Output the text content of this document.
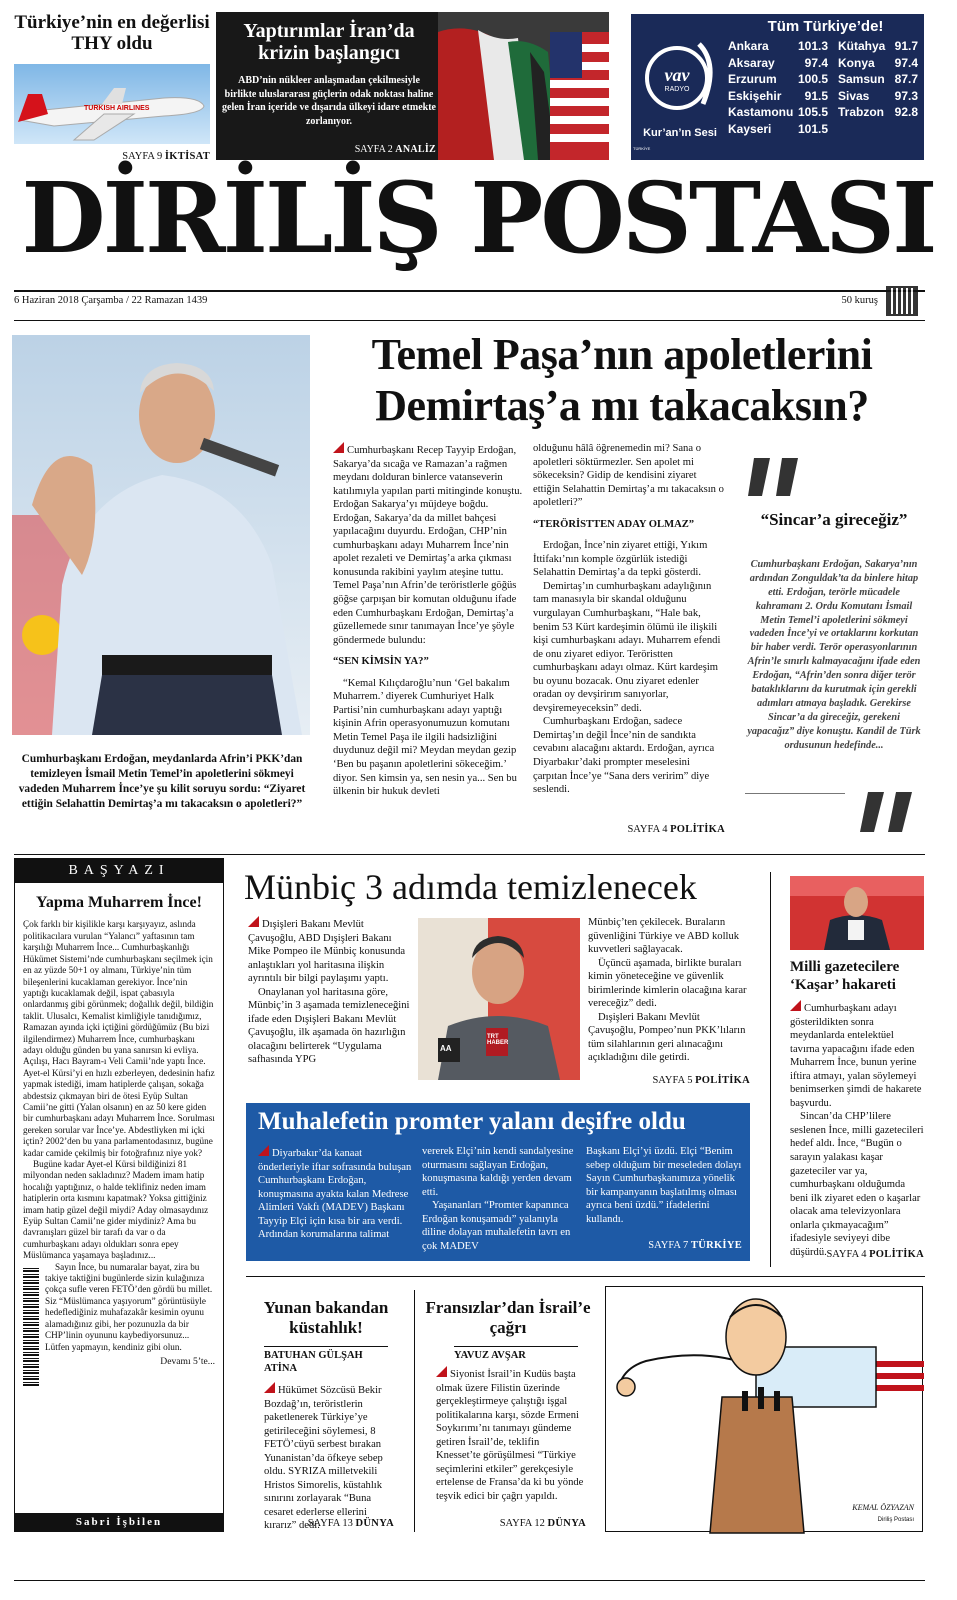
Türkiye’nin en değerlisi THY oldu
TURKISH AIRLINES
SAYFA 9 İKTİSAT
Yaptırımlar İran’da krizin başlangıcı
ABD’nin nükleer anlaşmadan çekilmesiyle birlikte uluslararası güçlerin odak noktası haline gelen İran içeride ve dışarıda ülkeyi idare etmekte zorlanıyor.
SAYFA 2 ANALİZ
Tüm Türkiye’de!
vav
RADYO
Kur’an’ın Sesi
TÜRKİYE
Ankara 101.3
Aksaray 97.4
Erzurum 100.5
Eskişehir 91.5
Kastamonu 105.5
Kayseri 101.5
Kütahya 91.7
Konya 97.4
Samsun 87.7
Sivas 97.3
Trabzon 92.8
DİRİLİŞ POSTASI
6 Haziran 2018 Çarşamba / 22 Ramazan 1439	50 kuruş
Cumhurbaşkanı Erdoğan, meydanlarda Afrin’i PKK’dan temizleyen İsmail Metin Temel’in apoletlerini sökmeyi vadeden Muharrem İnce’ye şu kilit soruyu sordu: “Ziyaret ettiğin Selahattin Demirtaş’a mı takacaksın o apoletleri?”
Temel Paşa’nın apoletlerini Demirtaş’a mı takacaksın?

Cumhurbaşkanı Recep Tayyip Erdoğan, Sakarya’da sıcağa ve Ramazan’a rağmen meydanı dolduran binlerce vatanseverin katılımıyla yapılan parti mitinginde konuştu. Erdoğan Sakarya’yı müjdeye boğdu. Erdoğan, Sakarya’da da millet bahçesi yapılacağını duyurdu. Erdoğan, CHP’nin cumhurbaşkanı adayı Muharrem İnce’nin apolet rezaleti ve Demirtaş’a arka çıkması konusunda rakibini yaylım ateşine tuttu. Temel Paşa’nın Afrin’de teröristlerle göğüs göğse çarpışan bir komutan olduğunu ifade eden Cumhurbaşkanı Erdoğan, Demirtaş’a güzellemede sınır tanımayan İnce’ye şöyle göndermede bulundu:

“SEN KİMSİN YA?”

“Kemal Kılıçdaroğlu’nun ‘Gel bakalım Muharrem.’ diyerek Cumhuriyet Halk Partisi’nin cumhurbaşkanı adayı yaptığı kişinin Afrin operasyonumuzun komutanı Metin Temel Paşa ile ilgili hadsizliğini duydunuz değil mi? Meydan meydan gezip ‘Ben bu paşanın apoletlerini sökeceğim.’ diyor. Sen kimsin ya, sen nesin ya... Sen bu ülkenin bir hukuk devleti

olduğunu hâlâ öğrenemedin mi? Sana o apoletleri söktürmezler. Sen apolet mi sökeceksin? Gidip de kendisini ziyaret ettiğin Selahattin Demirtaş’a mı takacaksın o apoletleri?”

“TERÖRİSTTEN ADAY OLMAZ”

Erdoğan, İnce’nin ziyaret ettiği, Yıkım İttifakı’nın komple özgürlük istediği Selahattin Demirtaş’a da tepki gösterdi.

Demirtaş’ın cumhurbaşkanı adaylığının tam manasıyla bir skandal olduğunu vurgulayan Cumhurbaşkanı, “Hale bak, benim 53 Kürt kardeşimin ölümü ile ilişkili kişi cumhurbaşkanı adayı. Muharrem efendi de onu ziyaret ediyor. Teröristten cumhurbaşkanı adayı olmaz. Kürt kardeşim bu oyunu bozacak. Onu ziyaret edenler oradan oy devşirirım sanıyorlar, devşiremeyeceksin” dedi.

Cumhurbaşkanı Erdoğan, sadece Demirtaş’ın değil İnce’nin de sandıkta cevabını alacağını aktardı. Erdoğan, ayrıca Diyarbakır’daki prompter meselesini çarpıtan İnce’ye “Sana ders veririm” diye seslendi.

SAYFA 4 POLİTİKA
“Sincar’a gireceğiz”
Cumhurbaşkanı Erdoğan, Sakarya’nın ardından Zonguldak’ta da binlere hitap etti. Erdoğan, terörle mücadele kahramanı 2. Ordu Komutanı İsmail Metin Temel’i apoletlerini sökmeyi vadeden İnce’yi ve ortaklarını korkutan bir haber verdi. Terör operasyonlarının Afrin’le sınırlı kalmayacağını ifade eden Erdoğan, “Afrin’den sonra diğer terör bataklıklarını da kurutmak için gerekli adımları atmaya başladık. Gerekirse Sincar’a da gireceğiz, gerekeni yapacağız” diye konuştu. Kandil de Türk ordusunun hedefinde...
BAŞYAZI
Yapma Muharrem İnce!

Çok farklı bir kişilikle karşı karşıyayız, aslında politikacılara vurulan “Yalancı” yaftasının tam karşılığı Muharrem İnce... Cumhurbaşkanlığı Hükümet Sistemi’nde cumhurbaşkanı seçilmek için en az yüzde 50+1 oy almanı, Türkiye’nin tüm bileşenlerini kucaklaman gerekiyor. İnce’nin yaptığı kucaklamak değil, ispat çabasıyla onlardanmış gibi görünmek; doğallık değil, bildiğin taklit. Ulusalcı, Kemalist kimliğiyle tanıdığımız, Ramazan ayında içki içtiğini gördüğümüz (Bu bizi ilgilendirmez) Muharrem İnce, cumhurbaşkanı adayı olduğu günden bu yana sanırsın ki evliya. Açılışı, Hacı Bayram-ı Veli Camii’nde yaptı İnce. Ayet-el Kürsi’yi en hızlı ezberleyen, dedesinin hafız yapmak istediği, imam hatiplerde çalışan, sokağa abdestsiz çıkmayan biri de ötesi Eyüp Sultan Camii’ne gitti (Yalan olsanın) en az 50 kere giden bir cumhurbaşkanı adayı Muharrem İnce. Sorulması gereken sorular var İnce’ye. Abdestliyken mi içki içtin? 2002’den bu yana parlamentodasınız, bugüne kadar camide çekilmiş bir fotoğrafınız niye yok?

Bugüne kadar Ayet-el Kürsi bildiğinizi 81 milyondan neden sakladınız? Madem imam hatip hocalığı yaptığınız, o halde teklifiniz neden imam hatiplerin orta kısmını kapatmak? Yoksa gittiğiniz imam hatip güzel değil miydi? Aday olmasaydınız Eyüp Sultan Camii’ne gider miydiniz? Ama bu davranışları güzel bir tarafı da var o da cumhurbaşkanı adayı oldukları sonra epey Müslümanca yaşamaya başladınız...

Sayın İnce, bu numaralar bayat, zira bu takiye taktiğini bugünlerde sizin kulağınıza çokça sufle veren FETÖ’den gördü bu millet. Siz “Müslümanca yaşıyorum” görüntüsüyle hedeflediğiniz muhafazakâr kesimin oyunu alamadığınız gibi, her pozunuzla da bir CHP’linin oyununu kaybediyorsunuz... Lütfen yapmayın, kendiniz gibi olun.

Devamı 5’te...

Sabri İşbilen
Münbiç 3 adımda temizlenecek

Dışişleri Bakanı Mevlüt Çavuşoğlu, ABD Dışişleri Bakanı Mike Pompeo ile Münbiç konusunda anlaştıkları yol haritasına ilişkin ayrıntılı bir bilgi paylaşımı yaptı.

Onaylanan yol haritasına göre, Münbiç’in 3 aşamada temizleneceğini ifade eden Dışişleri Bakanı Mevlüt Çavuşoğlu, ilk aşamada ön hazırlığın olacağını belirterek “Uygulama safhasında YPG

AA
TRT HABER

Münbiç’ten çekilecek. Buraların güvenliğini Türkiye ve ABD kolluk kuvvetleri sağlayacak.

Üçüncü aşamada, birlikte buraları kimin yöneteceğine ve güvenlik birimlerinde kimlerin olacağına karar vereceğiz” dedi.

Dışişleri Bakanı Mevlüt Çavuşoğlu, Pompeo’nun PKK’lıların tüm silahlarının geri alınacağını açıkladığını dile getirdi.

SAYFA 5 POLİTİKA
Muhalefetin promter yalanı deşifre oldu

Diyarbakır’da kanaat önderleriyle iftar sofrasında buluşan Cumhurbaşkanı Erdoğan, konuşmasına ayakta kalan Medrese Alimleri Vakfı (MADEV) Başkanı Tayyip Elçi için kısa bir ara verdi. Ardından korumalarına talimat

vererek Elçi’nin kendi sandalyesine oturmasını sağlayan Erdoğan, konuşmasına kaldığı yerden devam etti.

Yaşananları “Promter kapanınca Erdoğan konuşamadı” yalanıyla diline dolayan muhalefetin tavrı en çok MADEV

Başkanı Elçi’yi üzdü. Elçi “Benim sebep olduğum bir meseleden dolayı Sayın Cumhurbaşkanımıza yönelik bir kampanyanın başlatılmış olması ayrıca beni üzdü.” ifadelerini kullandı.

SAYFA 7 TÜRKİYE
Milli gazetecilere ‘Kaşar’ hakareti

Cumhurbaşkanı adayı gösterildikten sonra meydanlarda entelektüel tavırna yapacağını ifade eden Muharrem İnce, bunun yerine iftira atmayı, yalan söylemeyi benimserken şimdi de hakarete başvurdu.

Sincan’da CHP’lilere seslenen İnce, milli gazetecileri hedef aldı. İnce, “Bugün o sarayın yalakası kaşar gazeteciler var ya, cumhurbaşkanı olduğumda beni ilk ziyaret eden o kaşarlar olacak ama televizyonlara onlarla çıkmayacağım” ifadesiyle seviyeyi dibe düşürdü. SAYFA 4 POLİTİKA
Yunan bakandan küstahlık!
BATUHAN GÜLŞAH ATİNA

Hükümet Sözcüsü Bekir Bozdağ’ın, teröristlerin paketlenerek Türkiye’ye getirileceğini söylemesi, 8 FETÖ’cüyü serbest bırakan Yunanistan’da öfkeye sebep oldu. SYRIZA milletvekili Hristos Simorelis, küstahlık sınırını zorlayarak “Buna cesaret ederlerse ellerini kırarız” dedi.

SAYFA 13 DÜNYA
Fransızlar’dan İsrail’e çağrı
YAVUZ AVŞAR

Siyonist İsrail’in Kudüs başta olmak üzere Filistin üzerinde gerçekleştirmeye çalıştığı işgal politikalarına karşı, sözde Ermeni Soykırımı’nı tanımayı gündeme getiren İsrail’de, teklifin Knesset’te görüşülmesi “Türkiye seçimlerini etkiler” gerekçesiyle ertelense de Fransa’da ki bu yönde teşvik edici bir çağrı yapıldı.

SAYFA 12 DÜNYA
KEMAL ÖZYAZAN
Diriliş Postası
